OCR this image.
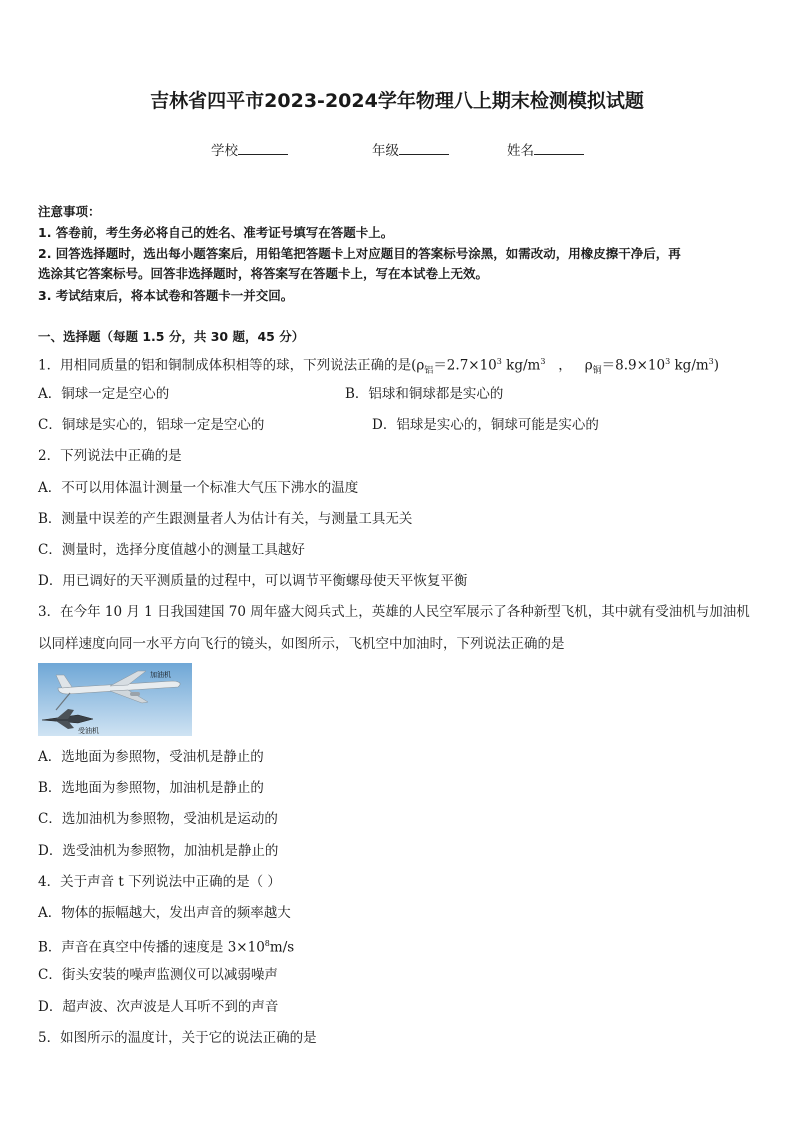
吉林省四平市2023-2024学年物理八上期末检测模拟试题
学校	年级	姓名
注意事项：
1. 答卷前，考生务必将自己的姓名、准考证号填写在答题卡上。
2. 回答选择题时，选出每小题答案后，用铅笔把答题卡上对应题目的答案标号涂黑，如需改动，用橡皮擦干净后，再
选涂其它答案标号。回答非选择题时，将答案写在答题卡上，写在本试卷上无效。
3. 考试结束后，将本试卷和答题卡一并交回。
一、选择题（每题 1.5 分，共 30 题，45 分）
1．用相同质量的铝和铜制成体积相等的球，下列说法正确的是($\rho_铝=2.7\times 10^3$ $kg/m^3$   ，   $\rho_铜=8.9\times 10^3$ $kg/m^3$)
A．铜球一定是空心的	B．铝球和铜球都是实心的
C．铜球是实心的，铝球一定是空心的	D．铝球是实心的，铜球可能是实心的
2．下列说法中正确的是
A．不可以用体温计测量一个标准大气压下沸水的温度
B．测量中误差的产生跟测量者人为估计有关，与测量工具无关
C．测量时，选择分度值越小的测量工具越好
D．用已调好的天平测质量的过程中，可以调节平衡螺母使天平恢复平衡
3．在今年 10 月 1 日我国建国 70 周年盛大阅兵式上，英雄的人民空军展示了各种新型飞机，其中就有受油机与加油机
以同样速度向同一水平方向飞行的镜头，如图所示，飞机空中加油时，下列说法正确的是
加油机
受油机
A．选地面为参照物，受油机是静止的
B．选地面为参照物，加油机是静止的
C．选加油机为参照物，受油机是运动的
D．选受油机为参照物，加油机是静止的
4．关于声音 t 下列说法中正确的是（ ）
A．物体的振幅越大，发出声音的频率越大
B．声音在真空中传播的速度是 $3\times 10^8m/s$
C．街头安装的噪声监测仪可以减弱噪声
D．超声波、次声波是人耳听不到的声音
5．如图所示的温度计，关于它的说法正确的是
